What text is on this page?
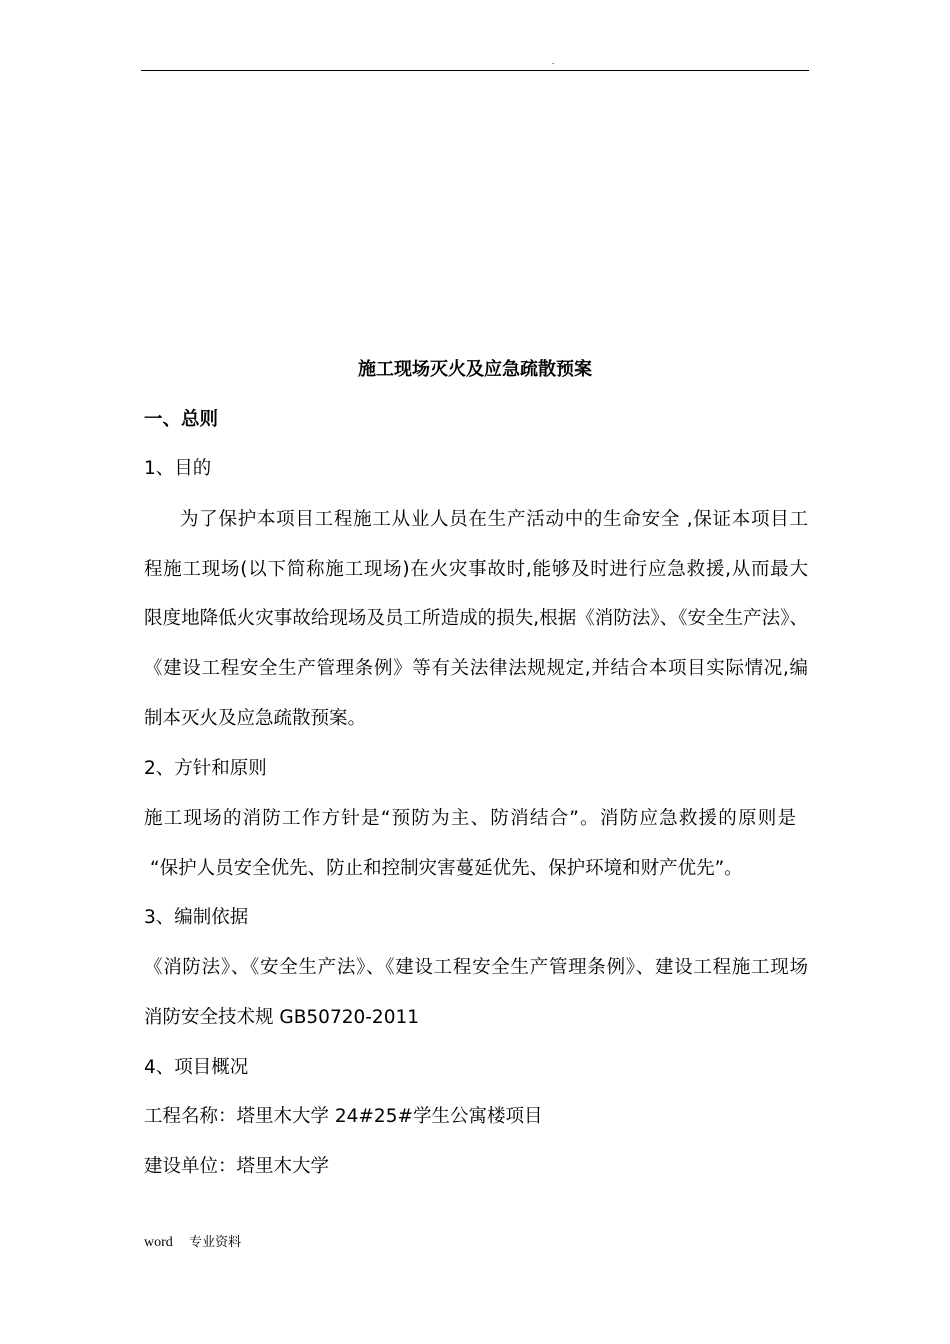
.
施工现场灭火及应急疏散预案
一、总则
1、目的
为了保护本项目工程施工从业人员在生产活动中的生命安全 ,保证本项目工
程施工现场(以下简称施工现场)在火灾事故时,能够及时进行应急救援,从而最大
限度地降低火灾事故给现场及员工所造成的损失,根据《消防法》、《安全生产法》、
《建设工程安全生产管理条例》等有关法律法规规定,并结合本项目实际情况,编
制本灭火及应急疏散预案。
2、方针和原则
施工现场的消防工作方针是“预防为主、防消结合”。消防应急救援的原则是
“保护人员安全优先、防止和控制灾害蔓延优先、保护环境和财产优先”。
3、编制依据
《消防法》、《安全生产法》、《建设工程安全生产管理条例》、建设工程施工现场
消防安全技术规 GB50720-2011
4、项目概况
工程名称：塔里木大学 24#25#学生公寓楼项目
建设单位：塔里木大学
word 专业资料
